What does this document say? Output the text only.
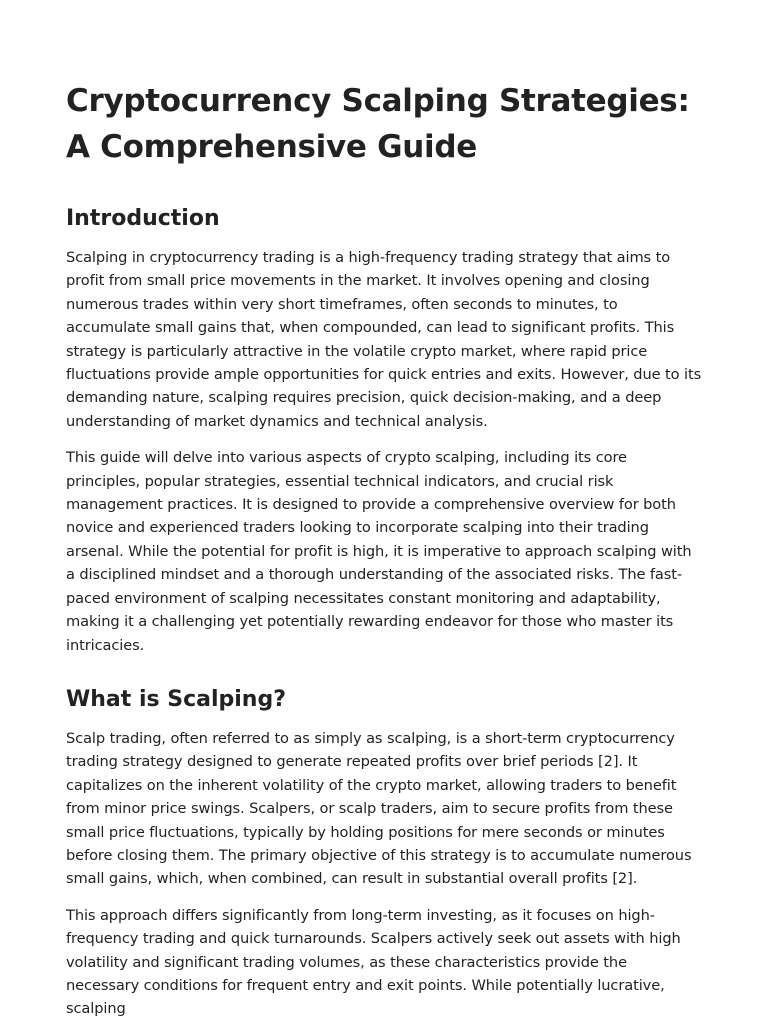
Cryptocurrency Scalping Strategies: A Comprehensive Guide
Introduction

Scalping in cryptocurrency trading is a high-frequency trading strategy that aims to profit from small price movements in the market. It involves opening and closing numerous trades within very short timeframes, often seconds to minutes, to accumulate small gains that, when compounded, can lead to significant profits. This strategy is particularly attractive in the volatile crypto market, where rapid price fluctuations provide ample opportunities for quick entries and exits. However, due to its demanding nature, scalping requires precision, quick decision-making, and a deep understanding of market dynamics and technical analysis.

This guide will delve into various aspects of crypto scalping, including its core principles, popular strategies, essential technical indicators, and crucial risk management practices. It is designed to provide a comprehensive overview for both novice and experienced traders looking to incorporate scalping into their trading arsenal. While the potential for profit is high, it is imperative to approach scalping with a disciplined mindset and a thorough understanding of the associated risks. The fast-paced environment of scalping necessitates constant monitoring and adaptability, making it a challenging yet potentially rewarding endeavor for those who master its intricacies.

What is Scalping?

Scalp trading, often referred to as simply as scalping, is a short-term cryptocurrency trading strategy designed to generate repeated profits over brief periods [2]. It capitalizes on the inherent volatility of the crypto market, allowing traders to benefit from minor price swings. Scalpers, or scalp traders, aim to secure profits from these small price fluctuations, typically by holding positions for mere seconds or minutes before closing them. The primary objective of this strategy is to accumulate numerous small gains, which, when combined, can result in substantial overall profits [2].

This approach differs significantly from long-term investing, as it focuses on high-frequency trading and quick turnarounds. Scalpers actively seek out assets with high volatility and significant trading volumes, as these characteristics provide the necessary conditions for frequent entry and exit points. While potentially lucrative, scalping
